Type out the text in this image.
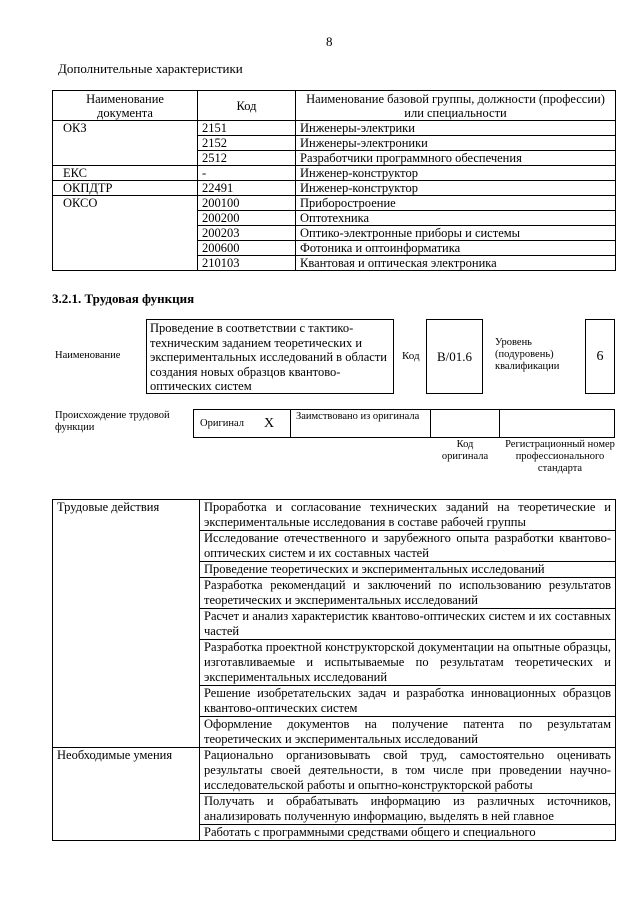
8
Дополнительные характеристики
Наименование документа	Код	Наименование базовой группы, должности (профессии) или специальности
ОКЗ	2151	Инженеры-электрики
	2152	Инженеры-электроники
	2512	Разработчики программного обеспечения
ЕКС	-	Инженер-конструктор
ОКПДТР	22491	Инженер-конструктор
ОКСО	200100	Приборостроение
	200200	Оптотехника
	200203	Оптико-электронные приборы и системы
	200600	Фотоника и оптоинформатика
	210103	Квантовая и оптическая электроника
3.2.1. Трудовая функция
Наименование
Проведение в соответствии с тактико-техническим заданием теоретических и экспериментальных исследований в области создания новых образцов квантово-оптических систем
Код	B/01.6
Уровень (подуровень) квалификации
6
Происхождение трудовой функции	Оригинал X Заимствовано из оригинала
Код оригинала
Регистрационный номер профессионального стандарта
Трудовые действия	Проработка и согласование технических заданий на теоретические и экспериментальные исследования в составе рабочей группы
	Исследование отечественного и зарубежного опыта разработки квантово-оптических систем и их составных частей
	Проведение теоретических и экспериментальных исследований
	Разработка рекомендаций и заключений по использованию результатов теоретических и экспериментальных исследований
	Расчет и анализ характеристик квантово-оптических систем и их составных частей
	Разработка проектной конструкторской документации на опытные образцы, изготавливаемые и испытываемые по результатам теоретических и экспериментальных исследований
	Решение изобретательских задач и разработка инновационных образцов квантово-оптических систем
	Оформление документов на получение патента по результатам теоретических и экспериментальных исследований
Необходимые умения	Рационально организовывать свой труд, самостоятельно оценивать результаты своей деятельности, в том числе при проведении научно-исследовательской работы и опытно-конструкторской работы
	Получать и обрабатывать информацию из различных источников, анализировать полученную информацию, выделять в ней главное
	Работать с программными средствами общего и специального
